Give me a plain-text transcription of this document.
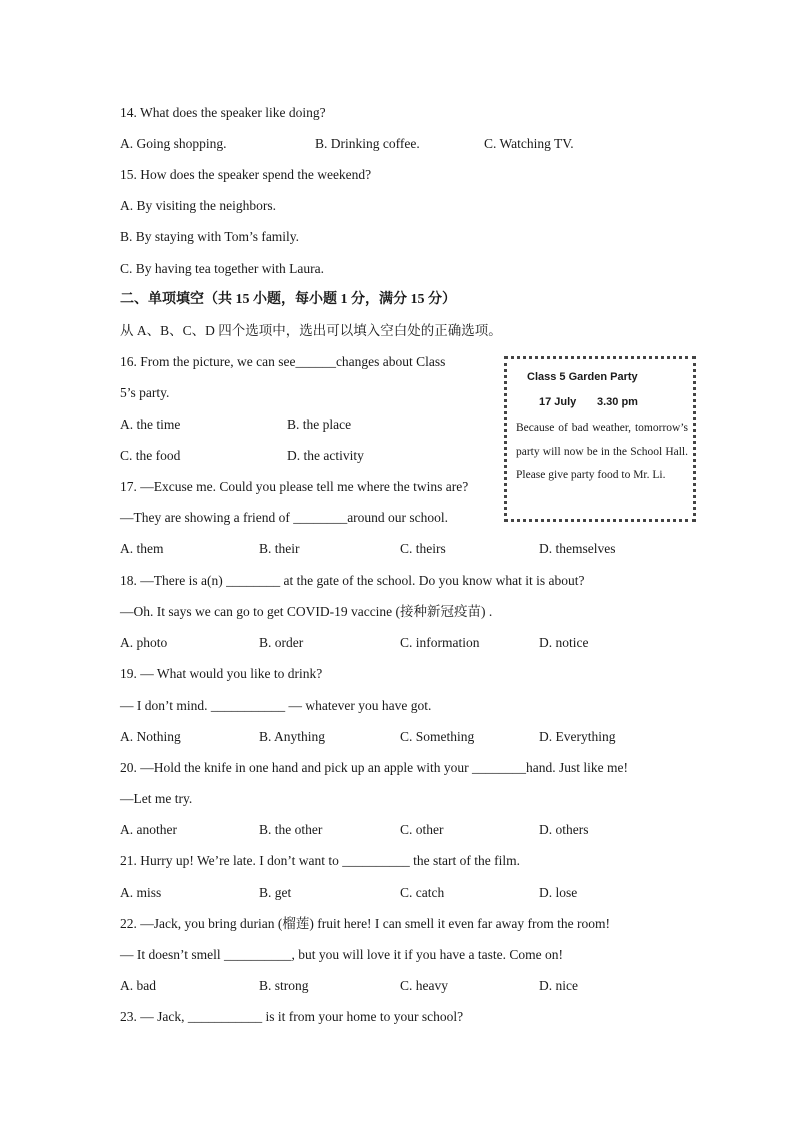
14. What does the speaker like doing?
A. Going shopping.	B. Drinking coffee.	C. Watching TV.
15. How does the speaker spend the weekend?
A. By visiting the neighbors.
B. By staying with Tom’s family.
C. By having tea together with Laura.
二、单项填空（共 15 小题，每小题 1 分，满分 15 分）
从 A、B、C、D 四个选项中，选出可以填入空白处的正确选项。
Class 5 Garden Party
17 July 3.30 pm
Because of bad weather, tomorrow’s party will now be in the School Hall. Please give party food to Mr. Li.
16. From the picture, we can see______changes about Class
5’s party.
A. the time	B. the place
C. the food	D. the activity
17. —Excuse me. Could you please tell me where the twins are?
—They are showing a friend of ________around our school.
A. them	B. their	C. theirs	D. themselves
18. —There is a(n) ________ at the gate of the school. Do you know what it is about?
—Oh. It says we can go to get COVID-19 vaccine (接种新冠疫苗) .
A. photo	B. order	C. information	D. notice
19. — What would you like to drink?
— I don’t mind. ___________ — whatever you have got.
A. Nothing	B. Anything	C. Something	D. Everything
20. —Hold the knife in one hand and pick up an apple with your ________hand. Just like me!
—Let me try.
A. another	B. the other	C. other	D. others
21. Hurry up! We’re late. I don’t want to __________ the start of the film.
A. miss	B. get	C. catch	D. lose
22. —Jack, you bring durian (榴莲) fruit here! I can smell it even far away from the room!
— It doesn’t smell __________, but you will love it if you have a taste. Come on!
A. bad	B. strong	C. heavy	D. nice
23. — Jack, ___________ is it from your home to your school?
